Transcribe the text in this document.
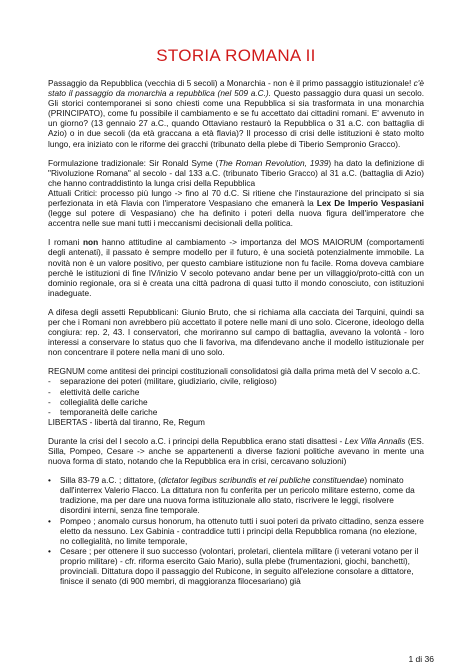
STORIA ROMANA II

Passaggio da Repubblica (vecchia di 5 secoli) a Monarchia - non è il primo passaggio istituzionale! c'è stato il passaggio da monarchia a repubblica (nel 509 a.C.). Questo passaggio dura quasi un secolo. Gli storici contemporanei si sono chiesti come una Repubblica si sia trasformata in una monarchia (PRINCIPATO), come fu possibile il cambiamento e se fu accettato dai cittadini romani. E' avvenuto in un giorno? (13 gennaio 27 a.C., quando Ottaviano restaurò la Repubblica o 31 a.C. con battaglia di Azio) o in due secoli (da età graccana a età flavia)? Il processo di crisi delle istituzioni è stato molto lungo, era iniziato con le riforme dei gracchi (tribunato della plebe di Tiberio Sempronio Gracco).

Formulazione tradizionale: Sir Ronald Syme (The Roman Revolution, 1939) ha dato la definizione di "Rivoluzione Romana" al secolo - dal 133 a.C. (tribunato Tiberio Gracco) al 31 a.C. (battaglia di Azio) che hanno contraddistinto la lunga crisi della Repubblica
Attuali Critici: processo più lungo -> fino al 70 d.C. Si ritiene che l'instaurazione del principato si sia perfezionata in età Flavia con l'imperatore Vespasiano che emanerà la Lex De Imperio Vespasiani (legge sul potere di Vespasiano) che ha definito i poteri della nuova figura dell'imperatore che accentra nelle sue mani tutti i meccanismi decisionali della politica.

I romani non hanno attitudine al cambiamento -> importanza del MOS MAIORUM (comportamenti degli antenati), il passato è sempre modello per il futuro, è una società potenzialmente immobile. La novità non è un valore positivo, per questo cambiare istituzione non fu facile. Roma doveva cambiare perchè le istituzioni di fine IV/inizio V secolo potevano andar bene per un villaggio/proto-città con un dominio regionale, ora si è creata una città padrona di quasi tutto il mondo conosciuto, con istituzioni inadeguate.

A difesa degli assetti Repubblicani: Giunio Bruto, che si richiama alla cacciata dei Tarquini, quindi sa per che i Romani non avrebbero più accettato il potere nelle mani di uno solo. Cicerone, ideologo della congiura: rep. 2, 43. I conservatori, che moriranno sul campo di battaglia, avevano la volontà - loro interessi a conservare lo status quo che li favoriva, ma difendevano anche il modello istituzionale per non concentrare il potere nella mani di uno solo.

REGNUM come antitesi dei principi costituzionali consolidatosi già dalla prima metà del V secolo a.C.
- separazione dei poteri (militare, giudiziario, civile, religioso)
- elettività delle cariche
- collegialità delle cariche
- temporaneità delle cariche
LIBERTAS - libertà dal tiranno, Re, Regum

Durante la crisi del I secolo a.C. i principi della Repubblica erano stati disattesi - Lex Villa Annalis (ES. Silla, Pompeo, Cesare -> anche se appartenenti a diverse fazioni politiche avevano in mente una nuova forma di stato, notando che la Repubblica era in crisi, cercavano soluzioni)

• Silla 83-79 a.C. ; dittatore, (dictator legibus scribundis et rei publiche constituendae) nominato dall'interrex Valerio Flacco. La dittatura non fu conferita per un pericolo militare esterno, come da tradizione, ma per dare una nuova forma istituzionale allo stato, riscrivere le leggi, risolvere disordini interni, senza fine temporale.
• Pompeo ; anomalo cursus honorum, ha ottenuto tutti i suoi poteri da privato cittadino, senza essere eletto da nessuno. Lex Gabinia - contraddice tutti i principi della Repubblica romana (no elezione, no collegialità, no limite temporale,
• Cesare ; per ottenere il suo successo (volontari, proletari, clientela militare (i veterani votano per il proprio militare) - cfr. riforma esercito Gaio Mario), sulla plebe (frumentazioni, giochi, banchetti), provinciali. Dittatura dopo il passaggio del Rubicone, in seguito all'elezione consolare a dittatore, finisce il senato (di 900 membri, di maggioranza filocesariano) già
1 di 36
